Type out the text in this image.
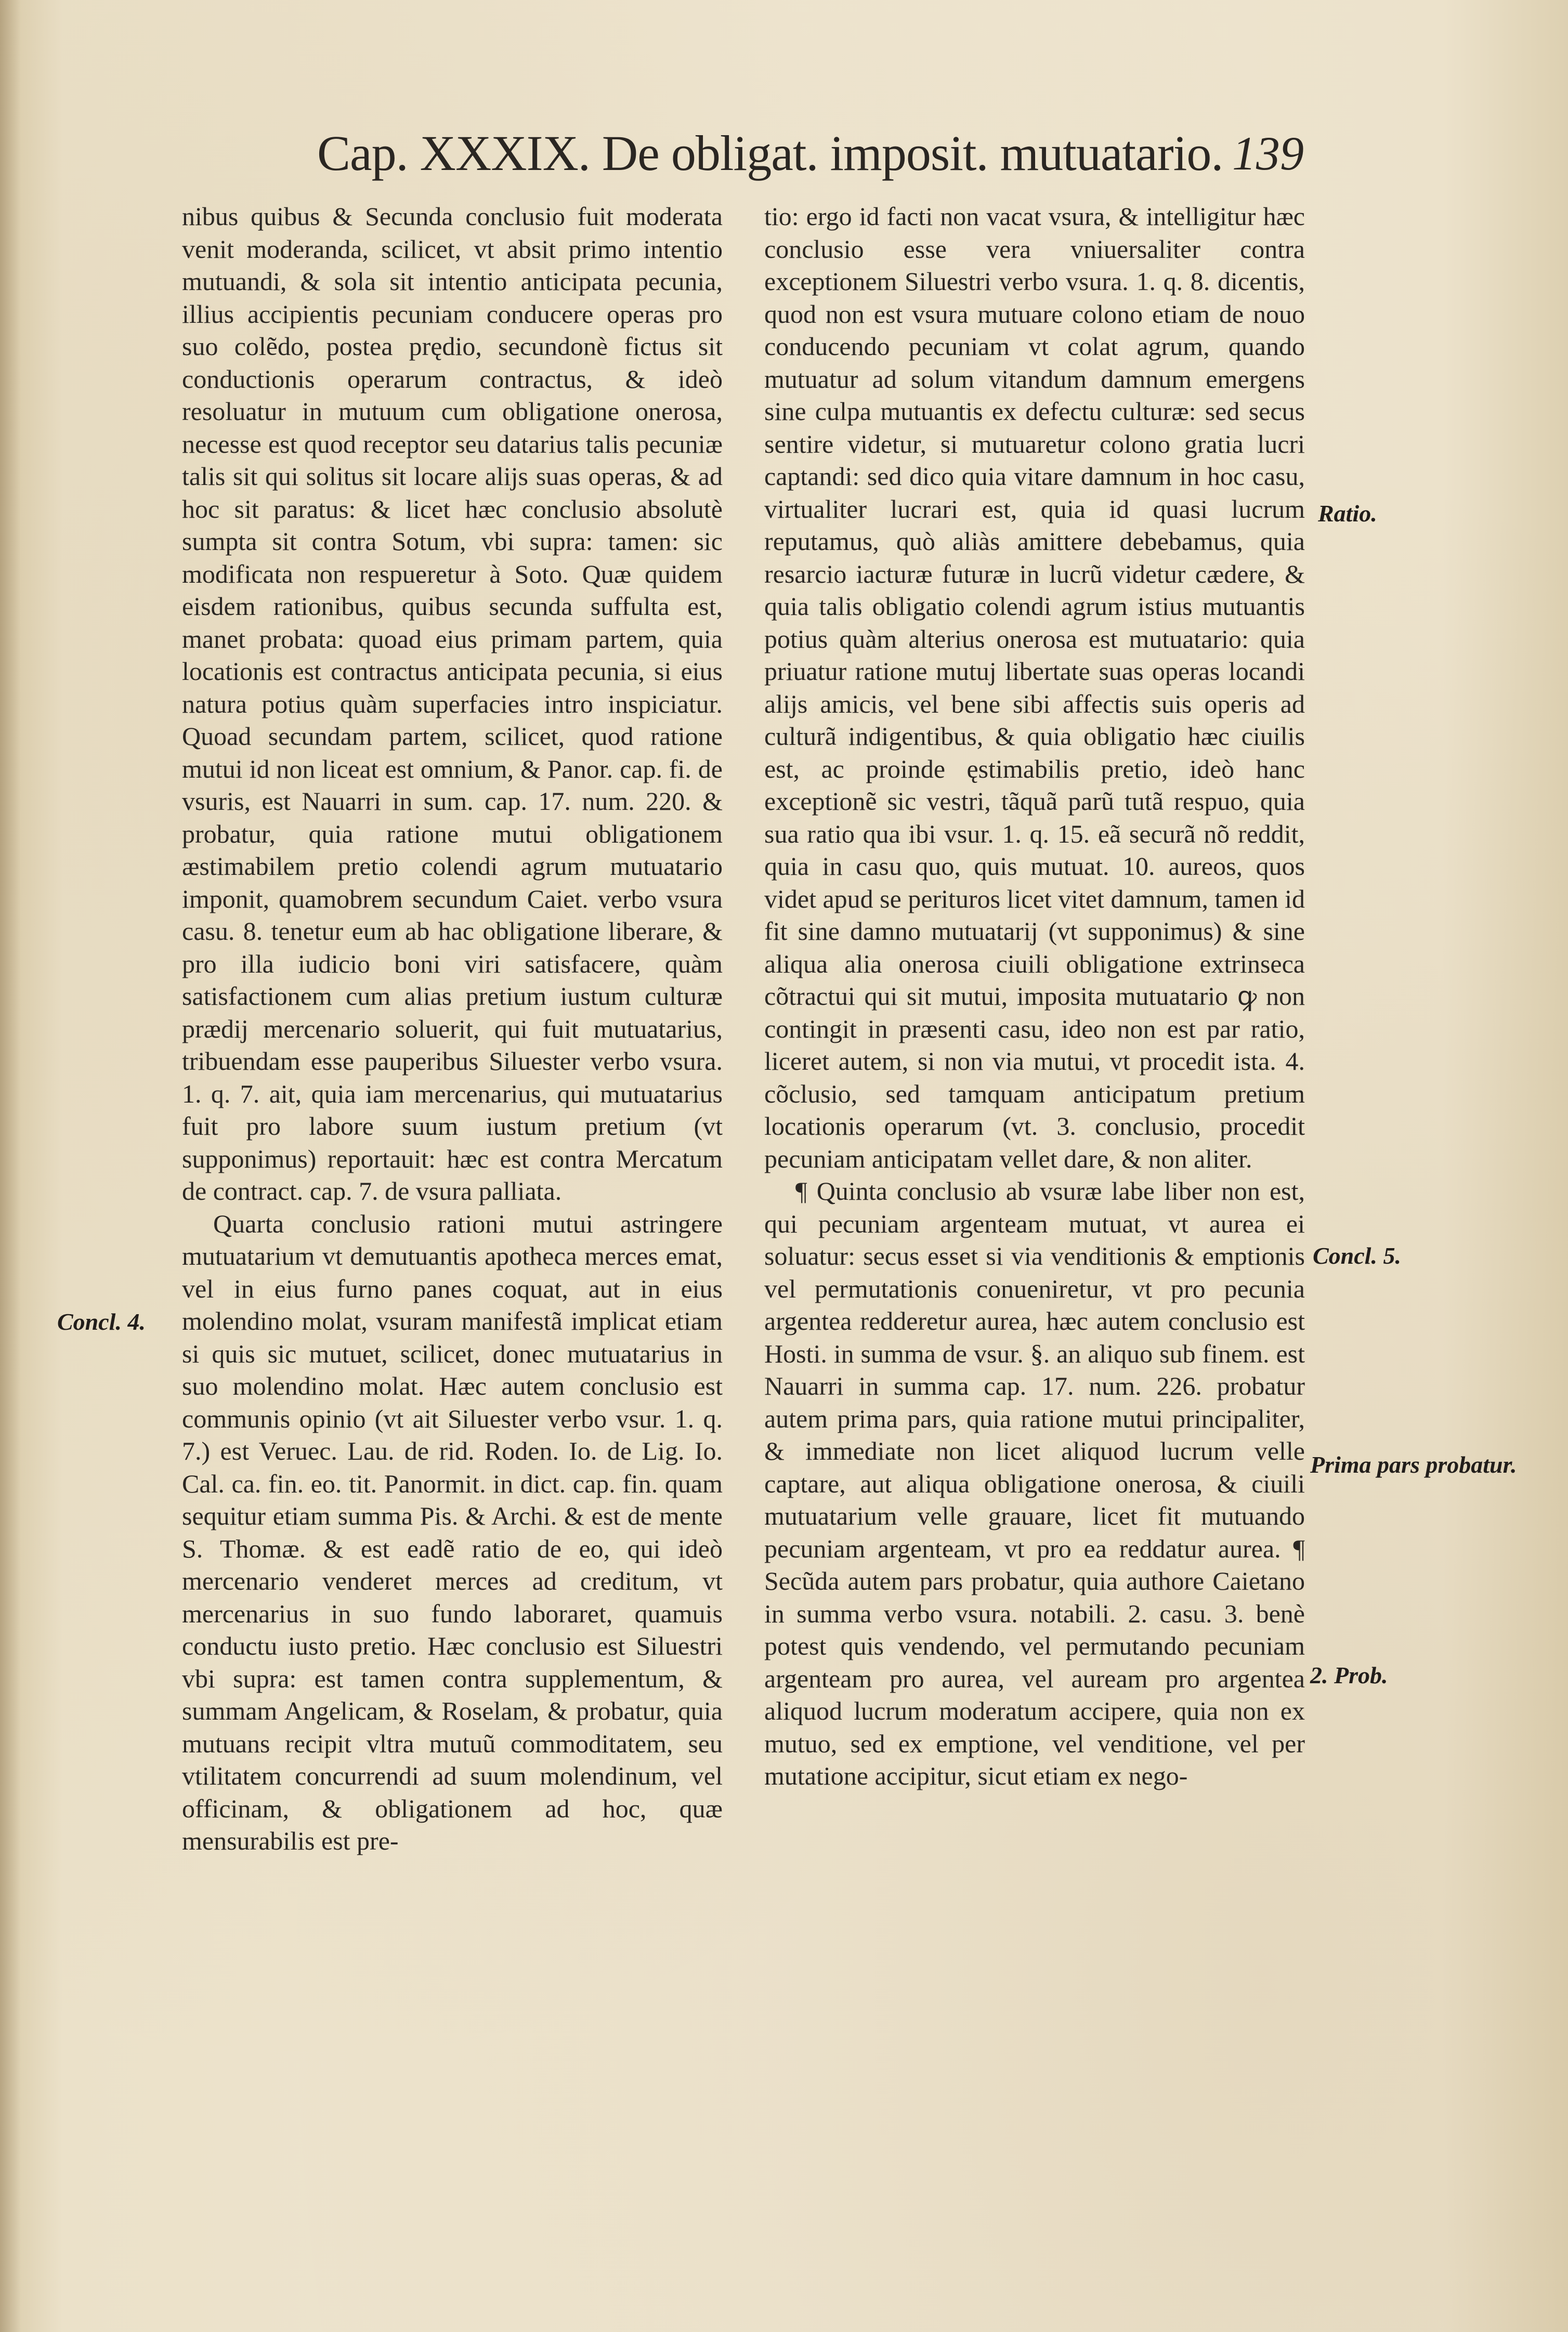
Cap. XXXIX. De obligat. imposit. mutuatario. 139

nibus quibus & Secunda conclusio fuit moderata venit moderanda, scilicet, vt absit primo intentio mutuandi, & sola sit intentio anticipata pecunia, illius accipientis pecuniam conducere operas pro suo colẽdo, postea prędio, secundonè fictus sit conductionis operarum contractus, & ideò resoluatur in mutuum cum obligatione onerosa, necesse est quod receptor seu datarius talis pecuniæ talis sit qui solitus sit locare alijs suas operas, & ad hoc sit paratus: & licet hæc conclusio absolutè sumpta sit contra Sotum, vbi supra: tamen: sic modificata non respueretur à Soto. Quæ quidem eisdem rationibus, quibus secunda suffulta est, manet probata: quoad eius primam partem, quia locationis est contractus anticipata pecunia, si eius natura potius quàm superfacies intro inspiciatur. Quoad secundam partem, scilicet, quod ratione mutui id non liceat est omnium, & Panor. cap. fi. de vsuris, est Nauarri in sum. cap. 17. num. 220. & probatur, quia ratione mutui obligationem æstimabilem pretio colendi agrum mutuatario imponit, quamobrem secundum Caiet. verbo vsura casu. 8. tenetur eum ab hac obligatione liberare, & pro illa iudicio boni viri satisfacere, quàm satisfactionem cum alias pretium iustum culturæ prædij mercenario soluerit, qui fuit mutuatarius, tribuendam esse pauperibus Siluester verbo vsura. 1. q. 7. ait, quia iam mercenarius, qui mutuatarius fuit pro labore suum iustum pretium (vt supponimus) reportauit: hæc est contra Mercatum de contract. cap. 7. de vsura palliata.

Quarta conclusio rationi mutui astringere mutuatarium vt demutuantis apotheca merces emat, vel in eius furno panes coquat, aut in eius molendino molat, vsuram manifestã implicat etiam si quis sic mutuet, scilicet, donec mutuatarius in suo molendino molat. Hæc autem conclusio est communis opinio (vt ait Siluester verbo vsur. 1. q. 7.) est Veruec. Lau. de rid. Roden. Io. de Lig. Io. Cal. ca. fin. eo. tit. Panormit. in dict. cap. fin. quam sequitur etiam summa Pis. & Archi. & est de mente S. Thomæ. & est eadẽ ratio de eo, qui ideò mercenario venderet merces ad creditum, vt mercenarius in suo fundo laboraret, quamuis conductu iusto pretio. Hæc conclusio est Siluestri vbi supra: est tamen contra supplementum, & summam Angelicam, & Roselam, & probatur, quia mutuans recipit vltra mutuũ commoditatem, seu vtilitatem concurrendi ad suum molendinum, vel officinam, & obligationem ad hoc, quæ mensurabilis est pre-

tio: ergo id facti non vacat vsura, & intelligitur hæc conclusio esse vera vniuersaliter contra exceptionem Siluestri verbo vsura. 1. q. 8. dicentis, quod non est vsura mutuare colono etiam de nouo conducendo pecuniam vt colat agrum, quando mutuatur ad solum vitandum damnum emergens sine culpa mutuantis ex defectu culturæ: sed secus sentire videtur, si mutuaretur colono gratia lucri captandi: sed dico quia vitare damnum in hoc casu, virtualiter lucrari est, quia id quasi lucrum reputamus, quò aliàs amittere debebamus, quia resarcio iacturæ futuræ in lucrũ videtur cædere, & quia talis obligatio colendi agrum istius mutuantis potius quàm alterius onerosa est mutuatario: quia priuatur ratione mutuj libertate suas operas locandi alijs amicis, vel bene sibi affectis suis operis ad culturã indigentibus, & quia obligatio hæc ciuilis est, ac proinde ęstimabilis pretio, ideò hanc exceptionẽ sic vestri, tãquã parũ tutã respuo, quia sua ratio qua ibi vsur. 1. q. 15. eã securã nõ reddit, quia in casu quo, quis mutuat. 10. aureos, quos videt apud se perituros licet vitet damnum, tamen id fit sine damno mutuatarij (vt supponimus) & sine aliqua alia onerosa ciuili obligatione extrinseca cõtractui qui sit mutui, imposita mutuatario ꝙ non contingit in præsenti casu, ideo non est par ratio, liceret autem, si non via mutui, vt procedit ista. 4. cõclusio, sed tamquam anticipatum pretium locationis operarum (vt. 3. conclusio, procedit pecuniam anticipatam vellet dare, & non aliter.

¶ Quinta conclusio ab vsuræ labe liber non est, qui pecuniam argenteam mutuat, vt aurea ei soluatur: secus esset si via venditionis & emptionis vel permutationis conueniretur, vt pro pecunia argentea redderetur aurea, hæc autem conclusio est Hosti. in summa de vsur. §. an aliquo sub finem. est Nauarri in summa cap. 17. num. 226. probatur autem prima pars, quia ratione mutui principaliter, & immediate non licet aliquod lucrum velle captare, aut aliqua obligatione onerosa, & ciuili mutuatarium velle grauare, licet fit mutuando pecuniam argenteam, vt pro ea reddatur aurea. ¶ Secũda autem pars probatur, quia authore Caietano in summa verbo vsura. notabili. 2. casu. 3. benè potest quis vendendo, vel permutando pecuniam argenteam pro aurea, vel auream pro argentea aliquod lucrum moderatum accipere, quia non ex mutuo, sed ex emptione, vel venditione, vel per mutatione accipitur, sicut etiam ex nego-

Concl. 4.
Ratio.
Concl. 5.
Prima pars probatur.
2. Prob.
